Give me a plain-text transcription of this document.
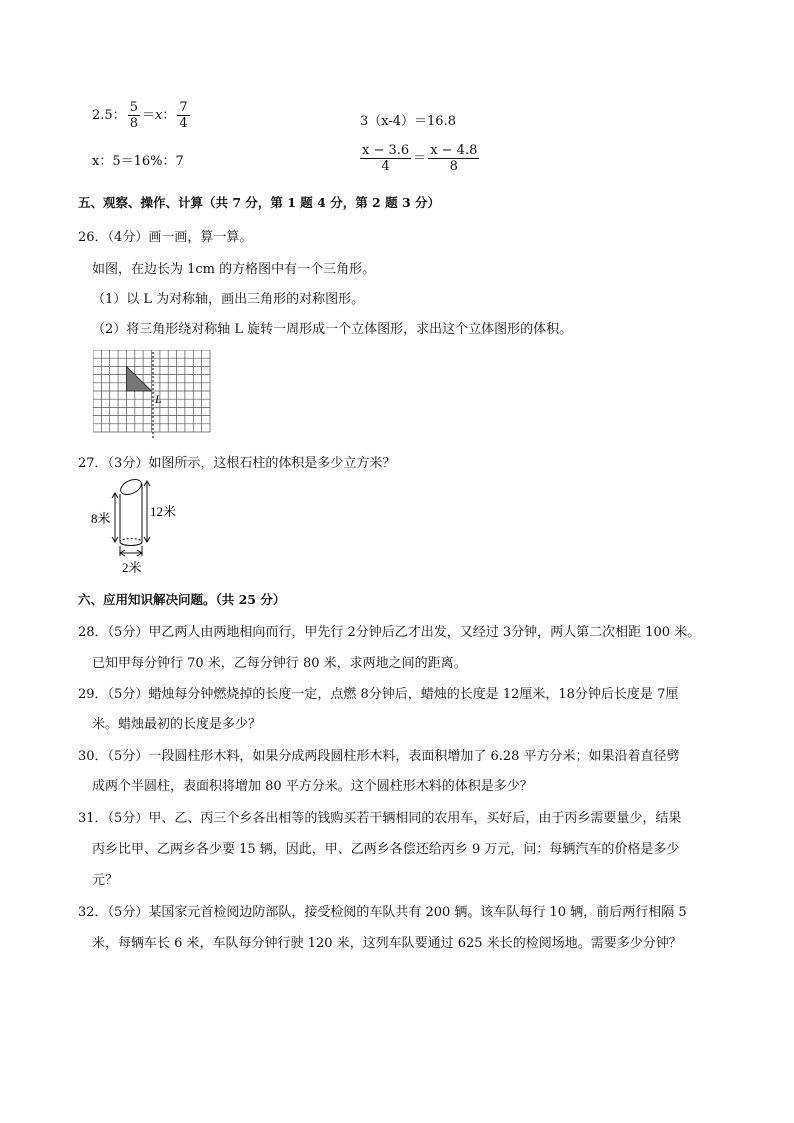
2.5： $\frac{5}{8} =x$： $\frac{7}{4}$	3（x-4）＝16.8
x：5＝16%：7	$\frac{x - 3.6}{4} = \frac{x - 4.8}{8}$
五、观察、操作、计算（共 7 分，第 1 题 4 分，第 2 题 3 分）
26．（4分）画一画，算一算。
如图，在边长为 1cm 的方格图中有一个三角形。
（1）以 L 为对称轴，画出三角形的对称图形。
（2）将三角形绕对称轴 L 旋转一周形成一个立体图形，求出这个立体图形的体积。
L
27．（3分）如图所示，这根石柱的体积是多少立方米？
8米	12米
2米
六、应用知识解决问题。（共 25 分）
28．（5分）甲乙两人由两地相向而行，甲先行 2分钟后乙才出发，又经过 3分钟，两人第二次相距 100 米。
已知甲每分钟行 70 米，乙每分钟行 80 米，求两地之间的距离。
29．（5分）蜡烛每分钟燃烧掉的长度一定，点燃 8分钟后，蜡烛的长度是 12厘米，18分钟后长度是 7厘
米。蜡烛最初的长度是多少？
30．（5分）一段圆柱形木料，如果分成两段圆柱形木料，表面积增加了 6.28 平方分米；如果沿着直径劈
成两个半圆柱，表面积将增加 80 平方分米。这个圆柱形木料的体积是多少？
31．（5分）甲、乙、丙三个乡各出相等的钱购买若干辆相同的农用车，买好后，由于丙乡需要量少，结果
丙乡比甲、乙两乡各少要 15 辆，因此，甲、乙两乡各偿还给丙乡 9 万元，问：每辆汽车的价格是多少
元？
32．（5分）某国家元首检阅边防部队，接受检阅的车队共有 200 辆。该车队每行 10 辆，前后两行相隔 5
米，每辆车长 6 米，车队每分钟行驶 120 米，这列车队要通过 625 米长的检阅场地。需要多少分钟？
